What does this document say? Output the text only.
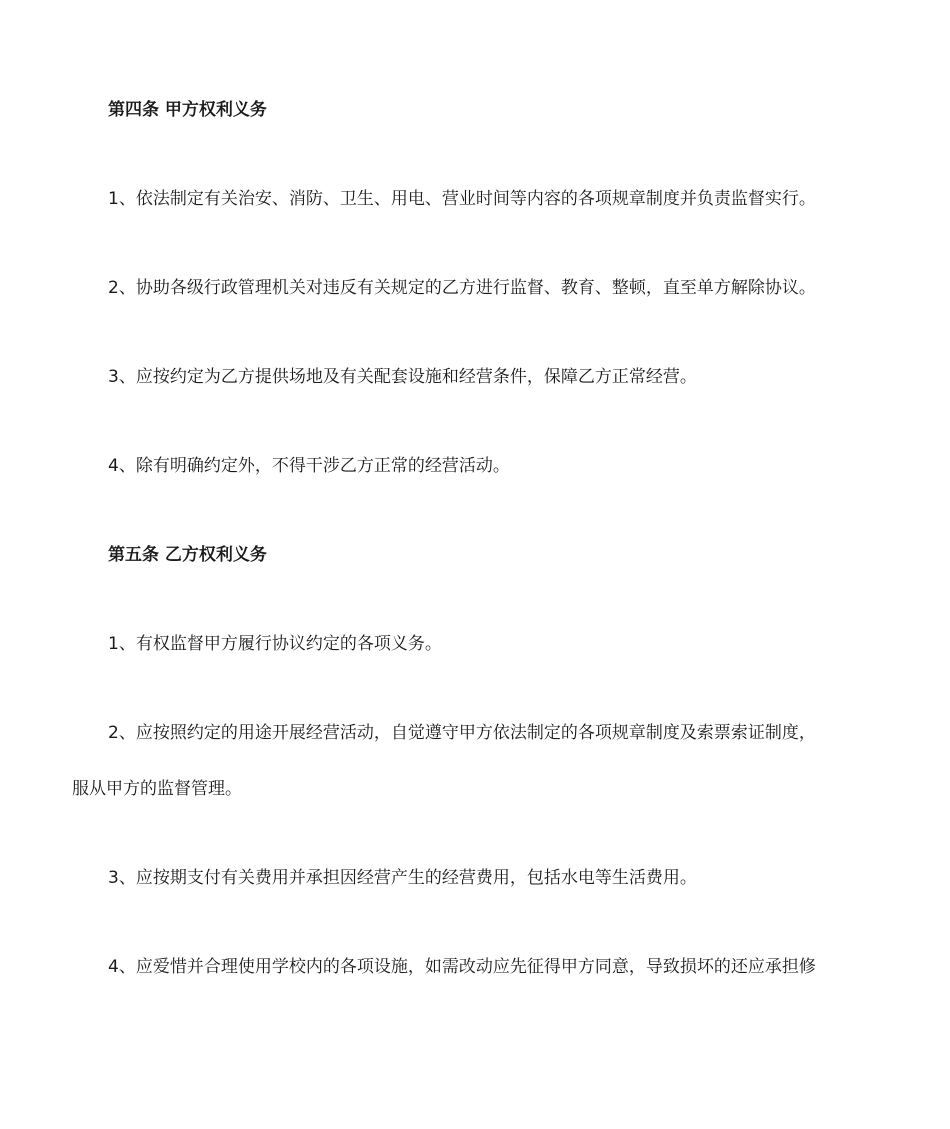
第四条 甲方权利义务
1、依法制定有关治安、消防、卫生、用电、营业时间等内容的各项规章制度并负责监督实行。
2、协助各级行政管理机关对违反有关规定的乙方进行监督、教育、整顿，直至单方解除协议。
3、应按约定为乙方提供场地及有关配套设施和经营条件，保障乙方正常经营。
4、除有明确约定外，不得干涉乙方正常的经营活动。
第五条 乙方权利义务
1、有权监督甲方履行协议约定的各项义务。
2、应按照约定的用途开展经营活动，自觉遵守甲方依法制定的各项规章制度及索票索证制度，
服从甲方的监督管理。
3、应按期支付有关费用并承担因经营产生的经营费用，包括水电等生活费用。
4、应爱惜并合理使用学校内的各项设施，如需改动应先征得甲方同意，导致损坏的还应承担修
